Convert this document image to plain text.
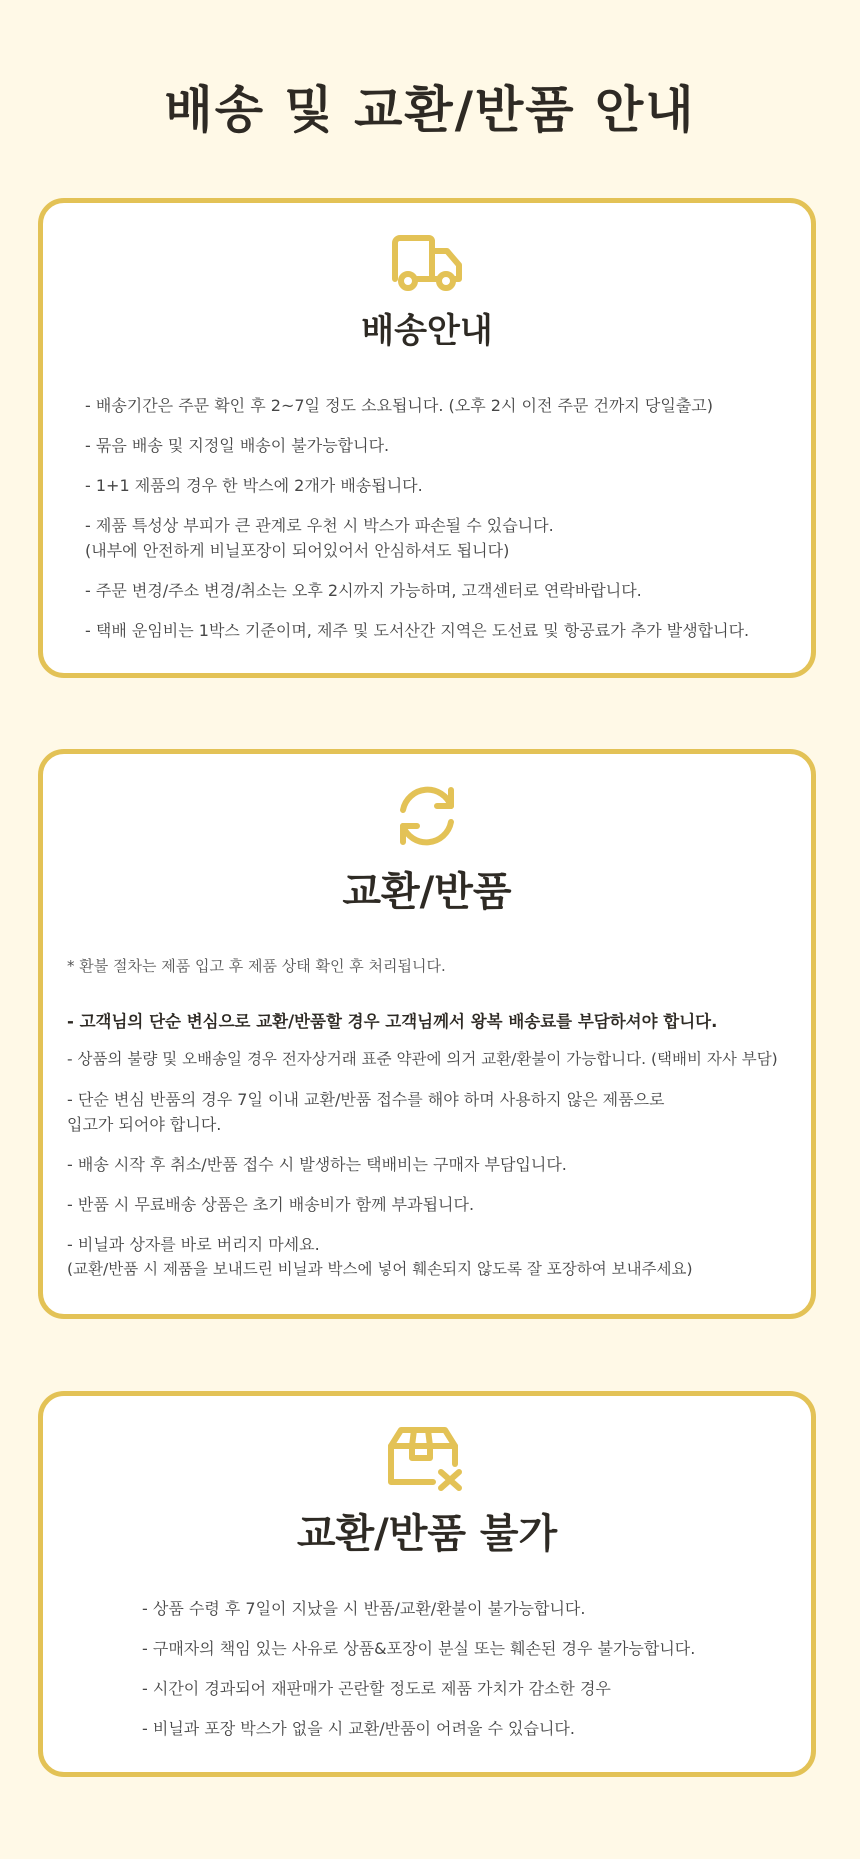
배송 및 교환/반품 안내
배송안내
- 배송기간은 주문 확인 후 2~7일 정도 소요됩니다. (오후 2시 이전 주문 건까지 당일출고)
- 묶음 배송 및 지정일 배송이 불가능합니다.
- 1+1 제품의 경우 한 박스에 2개가 배송됩니다.
- 제품 특성상 부피가 큰 관계로 우천 시 박스가 파손될 수 있습니다.
(내부에 안전하게 비닐포장이 되어있어서 안심하셔도 됩니다)
- 주문 변경/주소 변경/취소는 오후 2시까지 가능하며, 고객센터로 연락바랍니다.
- 택배 운임비는 1박스 기준이며, 제주 및 도서산간 지역은 도선료 및 항공료가 추가 발생합니다.
교환/반품
* 환불 절차는 제품 입고 후 제품 상태 확인 후 처리됩니다.
- 고객님의 단순 변심으로 교환/반품할 경우 고객님께서 왕복 배송료를 부담하셔야 합니다.
- 상품의 불량 및 오배송일 경우 전자상거래 표준 약관에 의거 교환/환불이 가능합니다. (택배비 자사 부담)
- 단순 변심 반품의 경우 7일 이내 교환/반품 접수를 해야 하며 사용하지 않은 제품으로
입고가 되어야 합니다.
- 배송 시작 후 취소/반품 접수 시 발생하는 택배비는 구매자 부담입니다.
- 반품 시 무료배송 상품은 초기 배송비가 함께 부과됩니다.
- 비닐과 상자를 바로 버리지 마세요.
(교환/반품 시 제품을 보내드린 비닐과 박스에 넣어 훼손되지 않도록 잘 포장하여 보내주세요)
교환/반품 불가
- 상품 수령 후 7일이 지났을 시 반품/교환/환불이 불가능합니다.
- 구매자의 책임 있는 사유로 상품&포장이 분실 또는 훼손된 경우 불가능합니다.
- 시간이 경과되어 재판매가 곤란할 정도로 제품 가치가 감소한 경우
- 비닐과 포장 박스가 없을 시 교환/반품이 어려울 수 있습니다.
